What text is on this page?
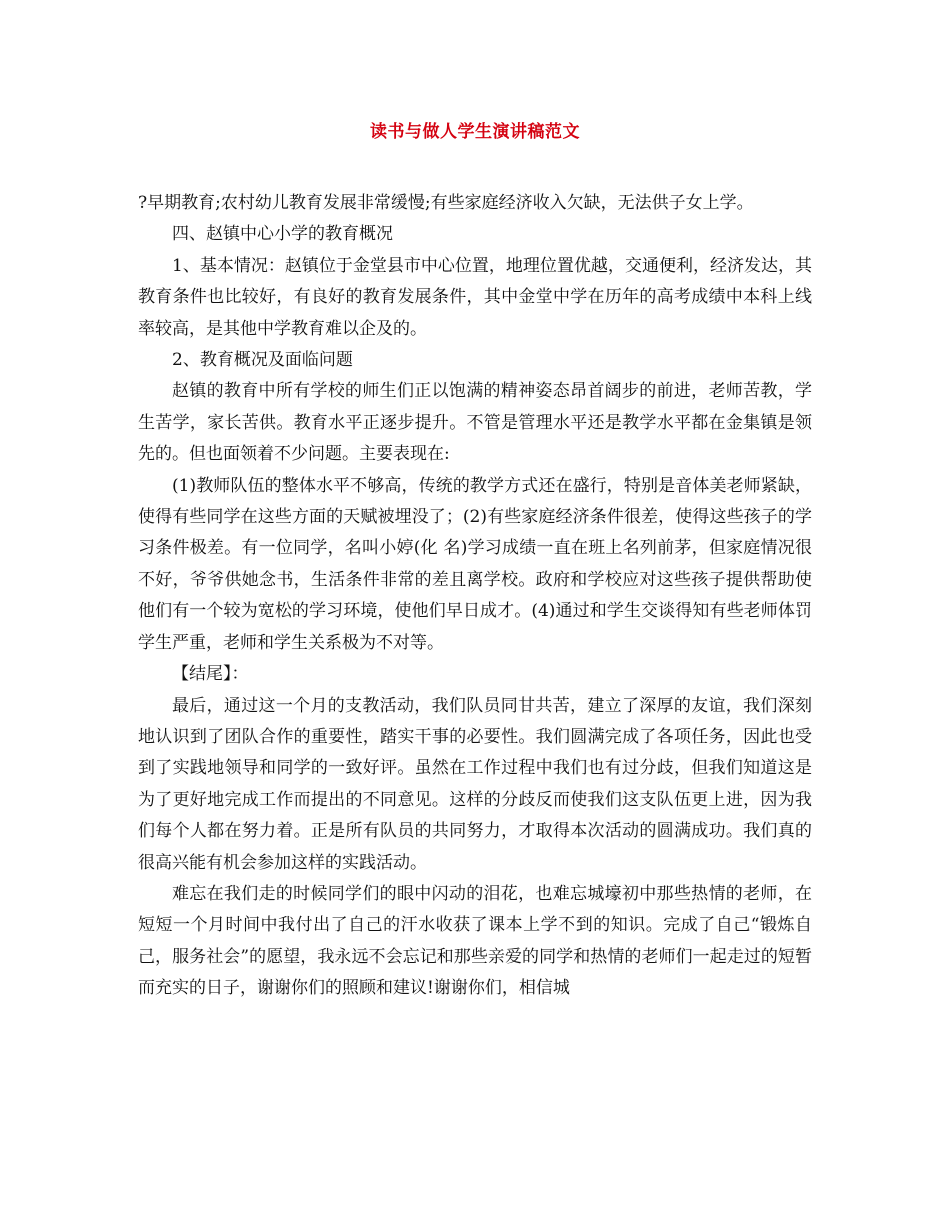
读书与做人学生演讲稿范文

?早期教育;农村幼儿教育发展非常缓慢;有些家庭经济收入欠缺，无法供子女上学。

四、赵镇中心小学的教育概况

1、基本情况：赵镇位于金堂县市中心位置，地理位置优越，交通便利，经济发达，其教育条件也比较好，有良好的教育发展条件，其中金堂中学在历年的高考成绩中本科上线率较高，是其他中学教育难以企及的。

2、教育概况及面临问题

赵镇的教育中所有学校的师生们正以饱满的精神姿态昂首阔步的前进，老师苦教，学生苦学，家长苦供。教育水平正逐步提升。不管是管理水平还是教学水平都在金集镇是领先的。但也面领着不少问题。主要表现在:

(1)教师队伍的整体水平不够高，传统的教学方式还在盛行，特别是音体美老师紧缺，使得有些同学在这些方面的天赋被埋没了；(2)有些家庭经济条件很差，使得这些孩子的学习条件极差。有一位同学，名叫小婷(化 名)学习成绩一直在班上名列前茅，但家庭情况很不好，爷爷供她念书，生活条件非常的差且离学校。政府和学校应对这些孩子提供帮助使他们有一个较为宽松的学习环境，使他们早日成才。(4)通过和学生交谈得知有些老师体罚学生严重，老师和学生关系极为不对等。

【结尾】：

最后，通过这一个月的支教活动，我们队员同甘共苦，建立了深厚的友谊，我们深刻地认识到了团队合作的重要性，踏实干事的必要性。我们圆满完成了各项任务，因此也受到了实践地领导和同学的一致好评。虽然在工作过程中我们也有过分歧，但我们知道这是为了更好地完成工作而提出的不同意见。这样的分歧反而使我们这支队伍更上进，因为我们每个人都在努力着。正是所有队员的共同努力，才取得本次活动的圆满成功。我们真的很高兴能有机会参加这样的实践活动。

难忘在我们走的时候同学们的眼中闪动的泪花，也难忘城壕初中那些热情的老师，在短短一个月时间中我付出了自己的汗水收获了课本上学不到的知识。完成了自己“锻炼自己，服务社会”的愿望，我永远不会忘记和那些亲爱的同学和热情的老师们一起走过的短暂而充实的日子，谢谢你们的照顾和建议!谢谢你们，相信城
